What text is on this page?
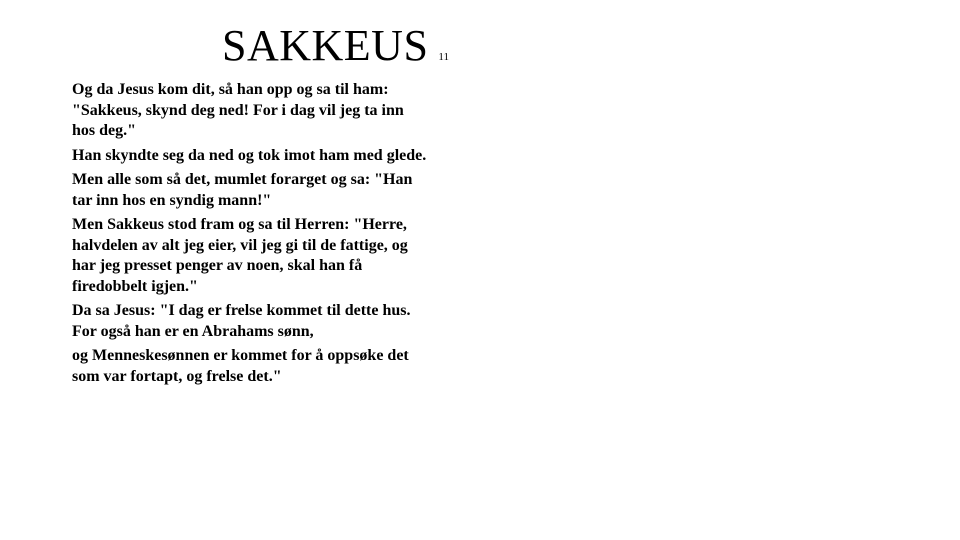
SAKKEUS 11
Og da Jesus kom dit, så han opp og sa til ham:
"Sakkeus, skynd deg ned! For i dag vil jeg ta inn
hos deg."
Han skyndte seg da ned og tok imot ham med glede.
Men alle som så det, mumlet forarget og sa: "Han
tar inn hos en syndig mann!"
Men Sakkeus stod fram og sa til Herren: "Herre,
halvdelen av alt jeg eier, vil jeg gi til de fattige, og
har jeg presset penger av noen, skal han få
firedobbelt igjen."
Da sa Jesus: "I dag er frelse kommet til dette hus.
For også han er en Abrahams sønn,
og Menneskesønnen er kommet for å oppsøke det
som var fortapt, og frelse det."
